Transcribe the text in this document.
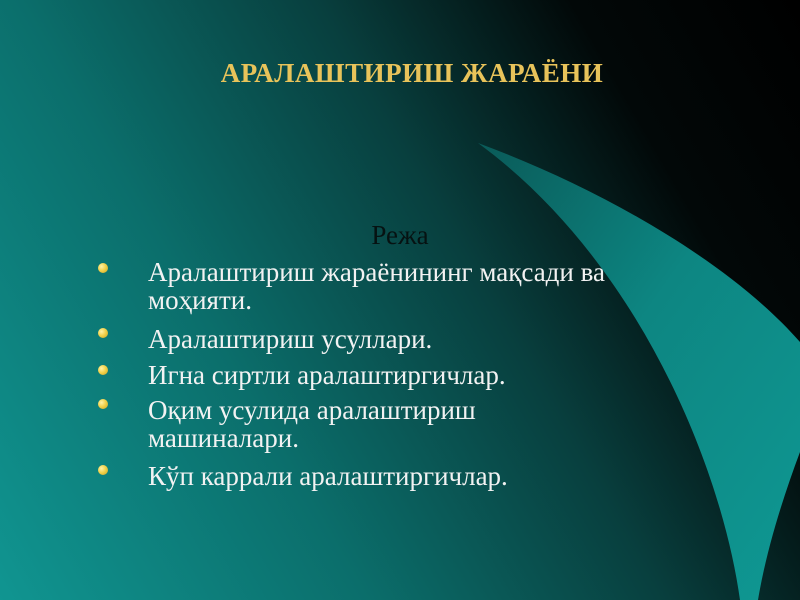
АРАЛАШТИРИШ ЖАРАЁНИ
Режа
Аралаштириш жараёнининг мақсади ва
моҳияти.
Аралаштириш усуллари.
Игна сиртли аралаштиргичлар.
Оқим усулида аралаштириш
машиналари.
Кўп каррали аралаштиргичлар.
